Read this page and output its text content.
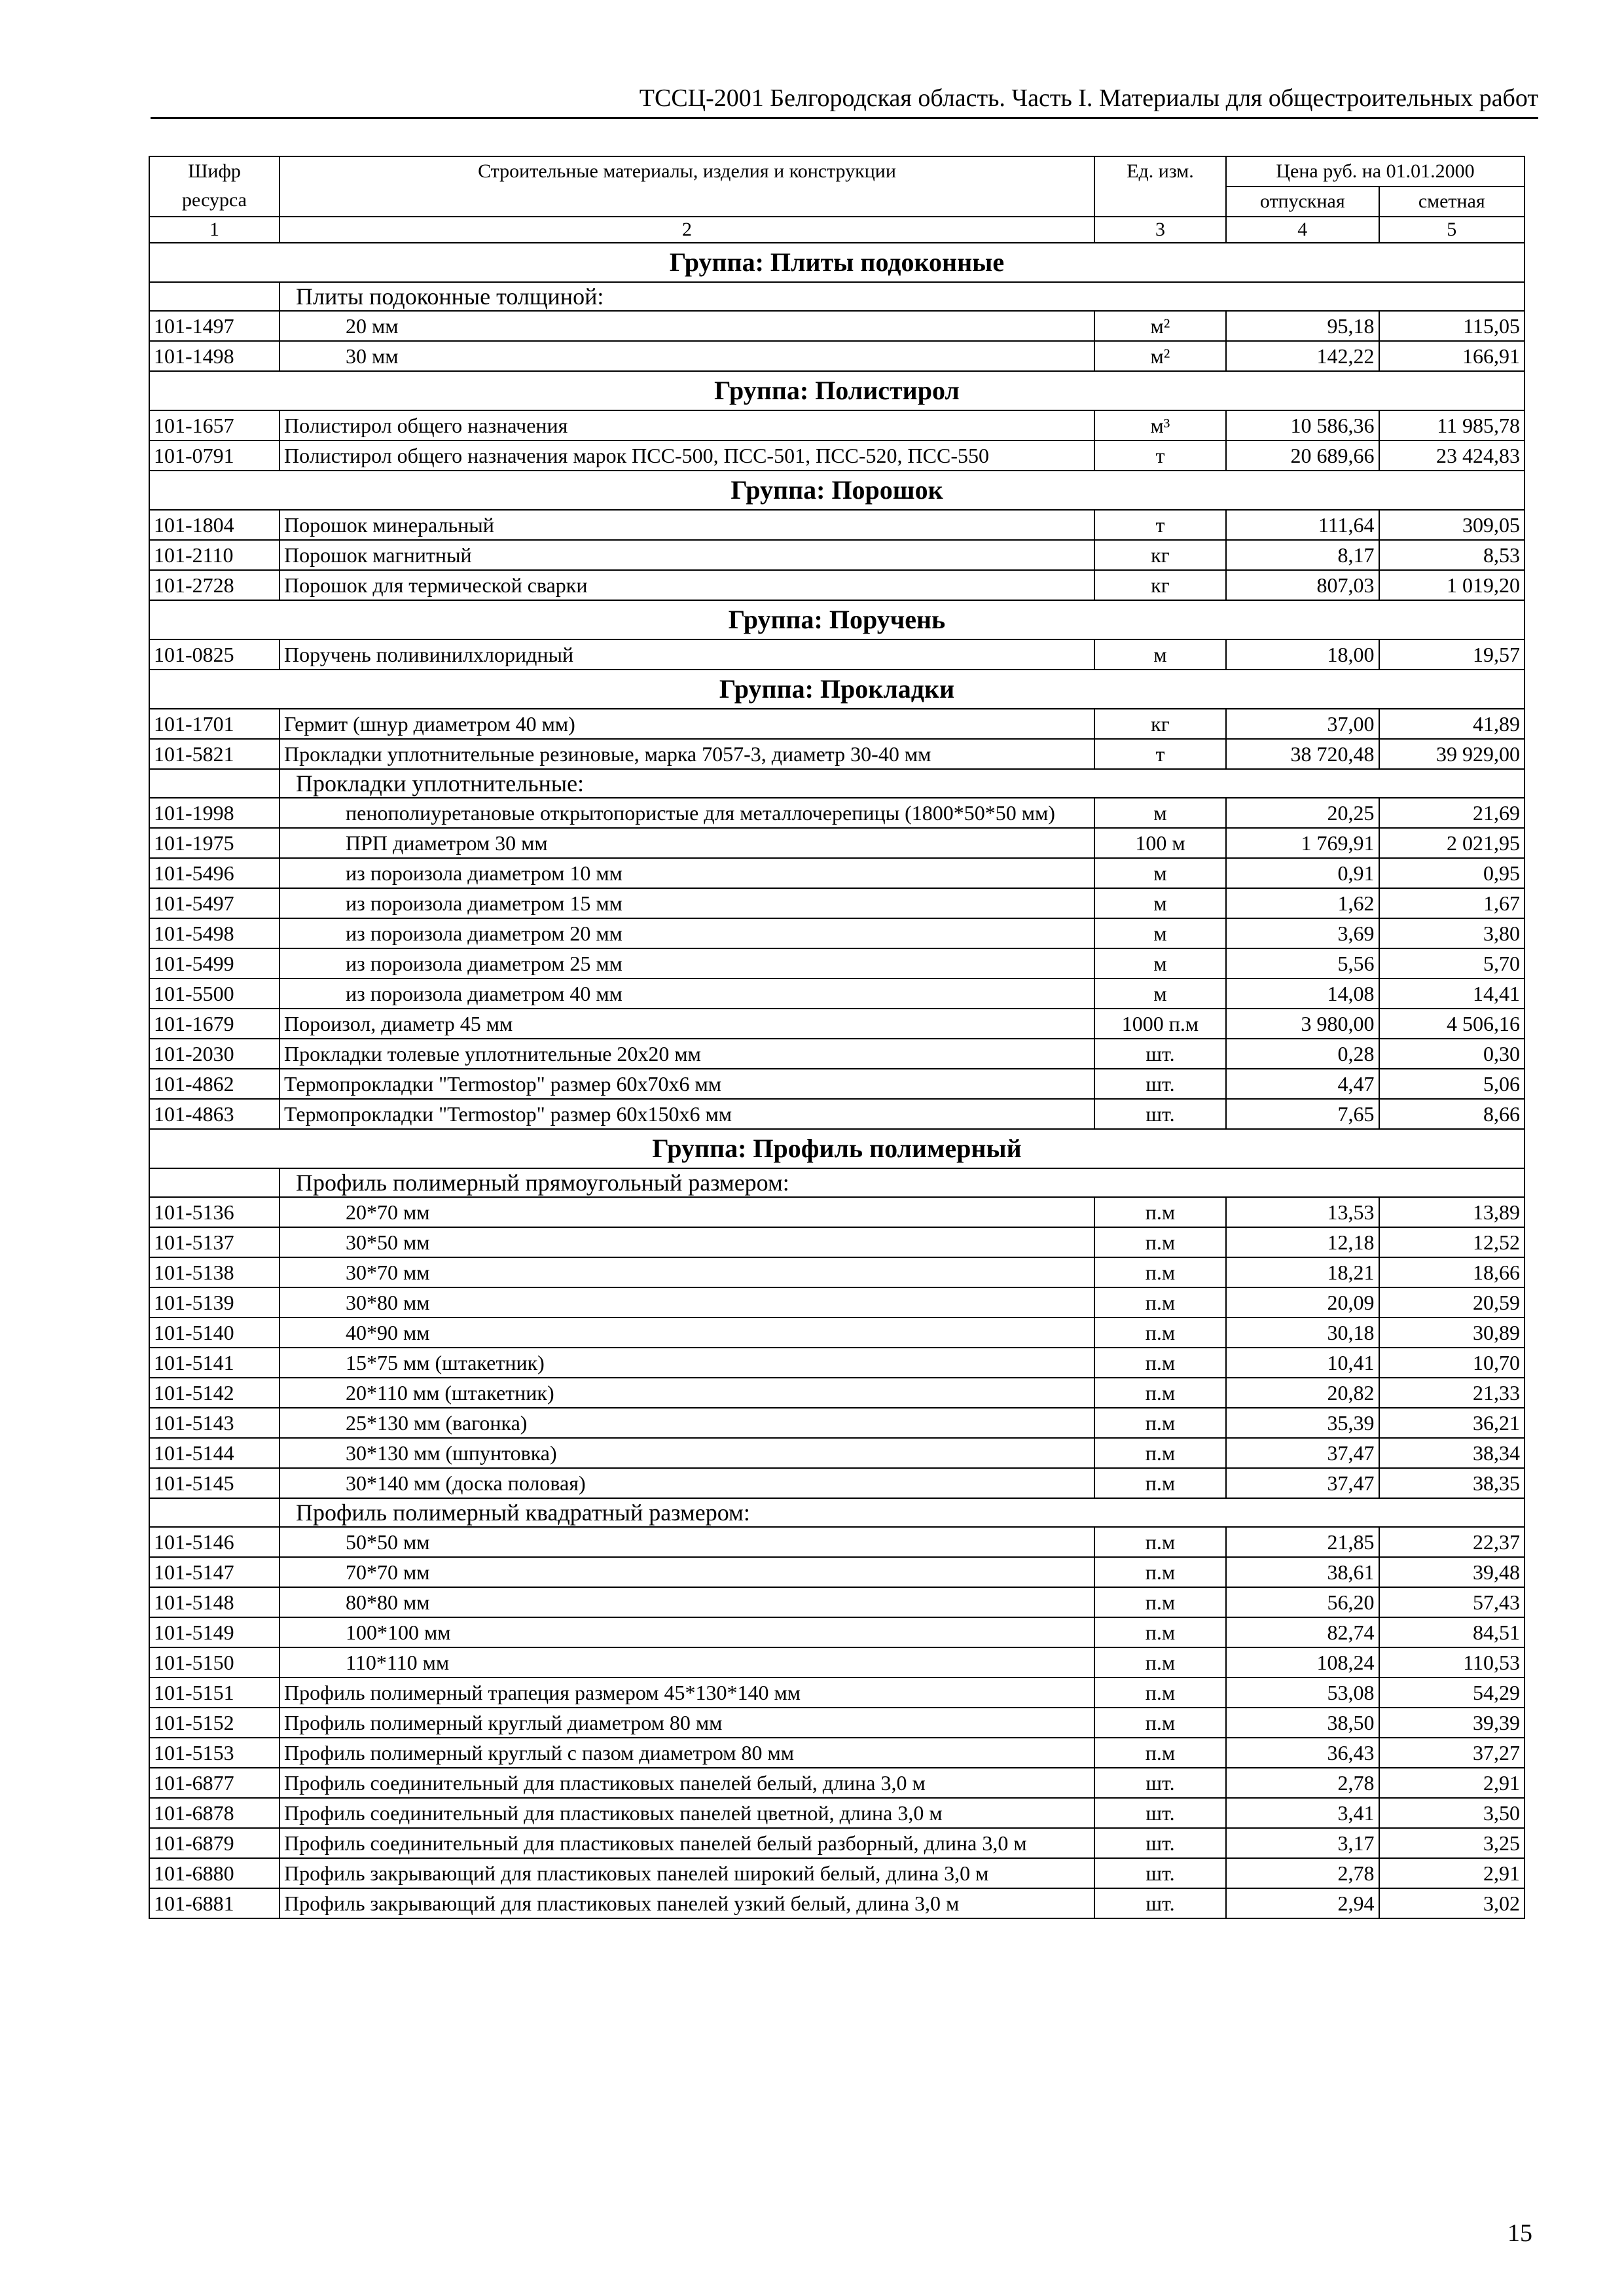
ТССЦ-2001 Белгородская область. Часть I. Материалы для общестроительных работ
Шифр ресурса	Строительные материалы, изделия и конструкции	Ед. изм.	Цена руб. на 01.01.2000	
			отпускная	сметная
1	2	3	4	5
Группа: Плиты подоконные				
	Плиты подоконные толщиной:			
101-1497	20 мм	м²	95,18	115,05
101-1498	30 мм	м²	142,22	166,91
Группа: Полистирол				
101-1657	Полистирол общего назначения	м³	10 586,36	11 985,78
101-0791	Полистирол общего назначения марок ПСС-500, ПСС-501, ПСС-520, ПСС-550	т	20 689,66	23 424,83
Группа: Порошок				
101-1804	Порошок минеральный	т	111,64	309,05
101-2110	Порошок магнитный	кг	8,17	8,53
101-2728	Порошок для термической сварки	кг	807,03	1 019,20
Группа: Поручень				
101-0825	Поручень поливинилхлоридный	м	18,00	19,57
Группа: Прокладки				
101-1701	Гермит (шнур диаметром 40 мм)	кг	37,00	41,89
101-5821	Прокладки уплотнительные резиновые, марка 7057-3, диаметр 30-40 мм	т	38 720,48	39 929,00
	Прокладки уплотнительные:			
101-1998	пенополиуретановые открытопористые для металлочерепицы (1800*50*50 мм)	м	20,25	21,69
101-1975	ПРП диаметром 30 мм	100 м	1 769,91	2 021,95
101-5496	из пороизола диаметром 10 мм	м	0,91	0,95
101-5497	из пороизола диаметром 15 мм	м	1,62	1,67
101-5498	из пороизола диаметром 20 мм	м	3,69	3,80
101-5499	из пороизола диаметром 25 мм	м	5,56	5,70
101-5500	из пороизола диаметром 40 мм	м	14,08	14,41
101-1679	Пороизол, диаметр 45 мм	1000 п.м	3 980,00	4 506,16
101-2030	Прокладки толевые уплотнительные 20х20 мм	шт.	0,28	0,30
101-4862	Термопрокладки "Termostop" размер 60х70х6 мм	шт.	4,47	5,06
101-4863	Термопрокладки "Termostop" размер 60х150х6 мм	шт.	7,65	8,66
Группа: Профиль полимерный				
	Профиль полимерный прямоугольный размером:			
101-5136	20*70 мм	п.м	13,53	13,89
101-5137	30*50 мм	п.м	12,18	12,52
101-5138	30*70 мм	п.м	18,21	18,66
101-5139	30*80 мм	п.м	20,09	20,59
101-5140	40*90 мм	п.м	30,18	30,89
101-5141	15*75 мм (штакетник)	п.м	10,41	10,70
101-5142	20*110 мм (штакетник)	п.м	20,82	21,33
101-5143	25*130 мм (вагонка)	п.м	35,39	36,21
101-5144	30*130 мм (шпунтовка)	п.м	37,47	38,34
101-5145	30*140 мм (доска половая)	п.м	37,47	38,35
	Профиль полимерный квадратный размером:			
101-5146	50*50 мм	п.м	21,85	22,37
101-5147	70*70 мм	п.м	38,61	39,48
101-5148	80*80 мм	п.м	56,20	57,43
101-5149	100*100 мм	п.м	82,74	84,51
101-5150	110*110 мм	п.м	108,24	110,53
101-5151	Профиль полимерный трапеция размером 45*130*140 мм	п.м	53,08	54,29
101-5152	Профиль полимерный круглый диаметром 80 мм	п.м	38,50	39,39
101-5153	Профиль полимерный круглый с пазом диаметром 80 мм	п.м	36,43	37,27
101-6877	Профиль соединительный для пластиковых панелей белый, длина 3,0 м	шт.	2,78	2,91
101-6878	Профиль соединительный для пластиковых панелей цветной, длина 3,0 м	шт.	3,41	3,50
101-6879	Профиль соединительный для пластиковых панелей белый разборный, длина 3,0 м	шт.	3,17	3,25
101-6880	Профиль закрывающий для пластиковых панелей широкий белый, длина 3,0 м	шт.	2,78	2,91
101-6881	Профиль закрывающий для пластиковых панелей узкий белый, длина 3,0 м	шт.	2,94	3,02
15
